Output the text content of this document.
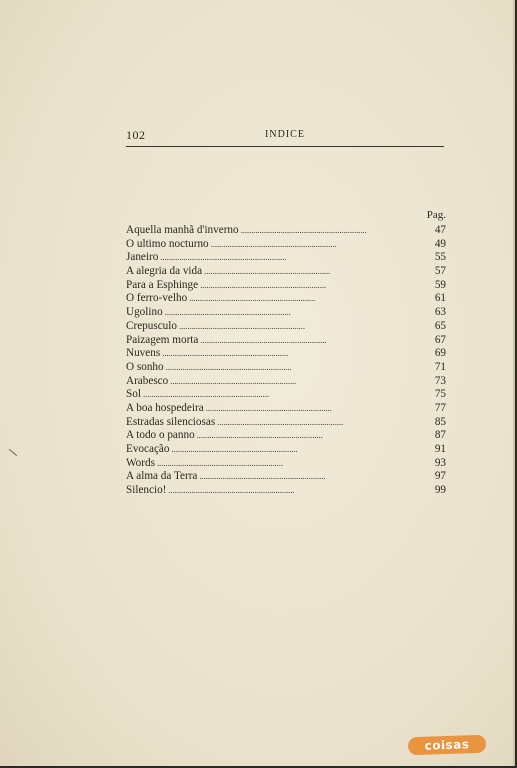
102	INDICE
Pag.
Aquella manhã d'inverno . . .	47
O ultimo nocturno . . .	49
Janeiro . . .	55
A alegria da vida . . .	57
Para a Esphinge . . .	59
O ferro-velho . . .	61
Ugolino . . .	63
Crepusculo . . .	65
Paizagem morta . . .	67
Nuvens . . .	69
O sonho . . .	71
Arabesco . . .	73
Sol . . .	75
A boa hospedeira . . .	77
Estradas silenciosas . . .	85
A todo o panno . . .	87
Evocação . . .	91
Words . . .	93
A alma da Terra . . .	97
Silencio! . . .	99
coisas
